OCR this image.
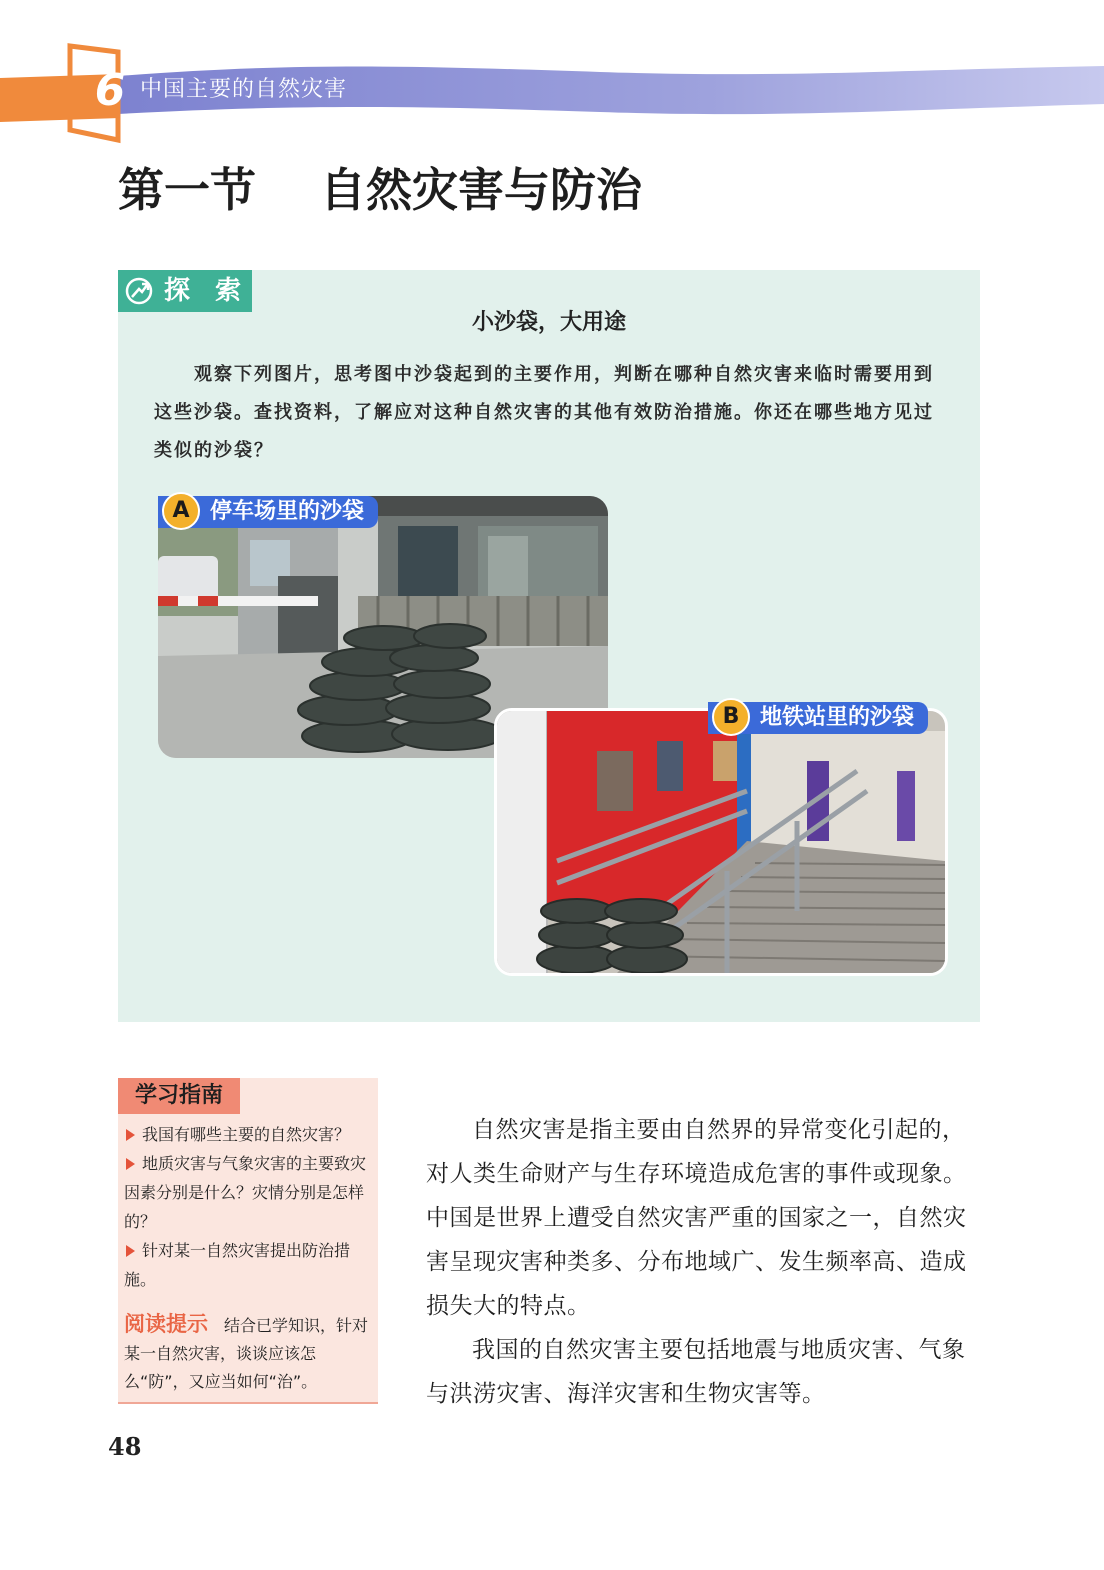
6 中国主要的自然灾害
第一节    自然灾害与防治
探 索
小沙袋，大用途

观察下列图片，思考图中沙袋起到的主要作用，判断在哪种自然灾害来临时需要用到这些沙袋。查找资料，了解应对这种自然灾害的其他有效防治措施。你还在哪些地方见过类似的沙袋？

A 停车场里的沙袋
B 地铁站里的沙袋
学习指南
我国有哪些主要的自然灾害？
地质灾害与气象灾害的主要致灾因素分别是什么？灾情分别是怎样的？
针对某一自然灾害提出防治措施。
阅读提示 结合已学知识，针对某一自然灾害，谈谈应该怎么“防”，又应当如何“治”。

自然灾害是指主要由自然界的异常变化引起的，对人类生命财产与生存环境造成危害的事件或现象。中国是世界上遭受自然灾害严重的国家之一，自然灾害呈现灾害种类多、分布地域广、发生频率高、造成损失大的特点。

我国的自然灾害主要包括地震与地质灾害、气象与洪涝灾害、海洋灾害和生物灾害等。

48
